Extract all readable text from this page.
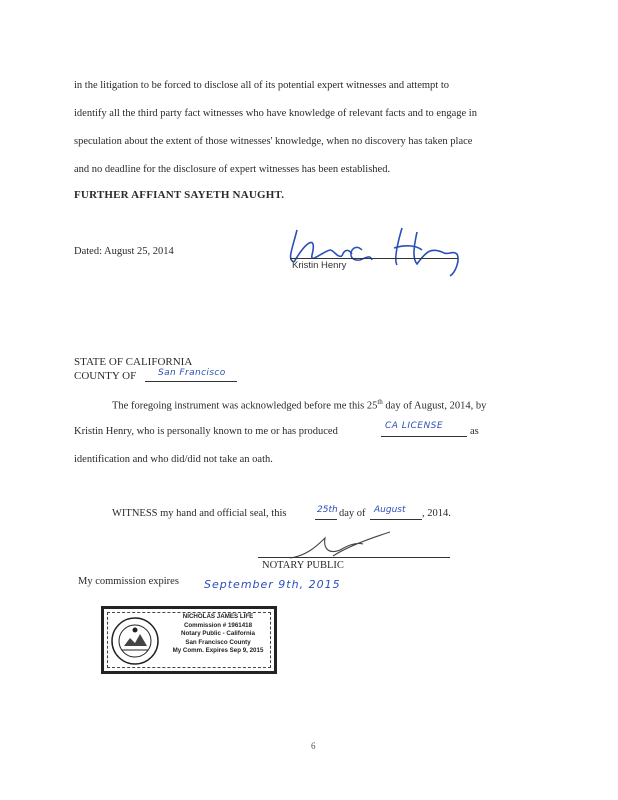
in the litigation to be forced to disclose all of its potential expert witnesses and attempt to
identify all the third party fact witnesses who have knowledge of relevant facts and to engage in
speculation about the extent of those witnesses' knowledge, when no discovery has taken place
and no deadline for the disclosure of expert witnesses has been established.
FURTHER AFFIANT SAYETH NAUGHT.
Dated: August 25, 2014
Kristin Henry
STATE OF CALIFORNIA
COUNTY OF San Francisco
The foregoing instrument was acknowledged before me this 25th day of August, 2014, by
Kristin Henry, who is personally known to me or has produced	CA LICENSE	as
identification and who did/did not take an oath.
WITNESS my hand and official seal, this	25th day of August , 2014.
NOTARY PUBLIC
My commission expires September 9th, 2015
NICHOLAS JAMES LIFE
Commission # 1961418
Notary Public - California
San Francisco County
My Comm. Expires Sep 9, 2015
6
